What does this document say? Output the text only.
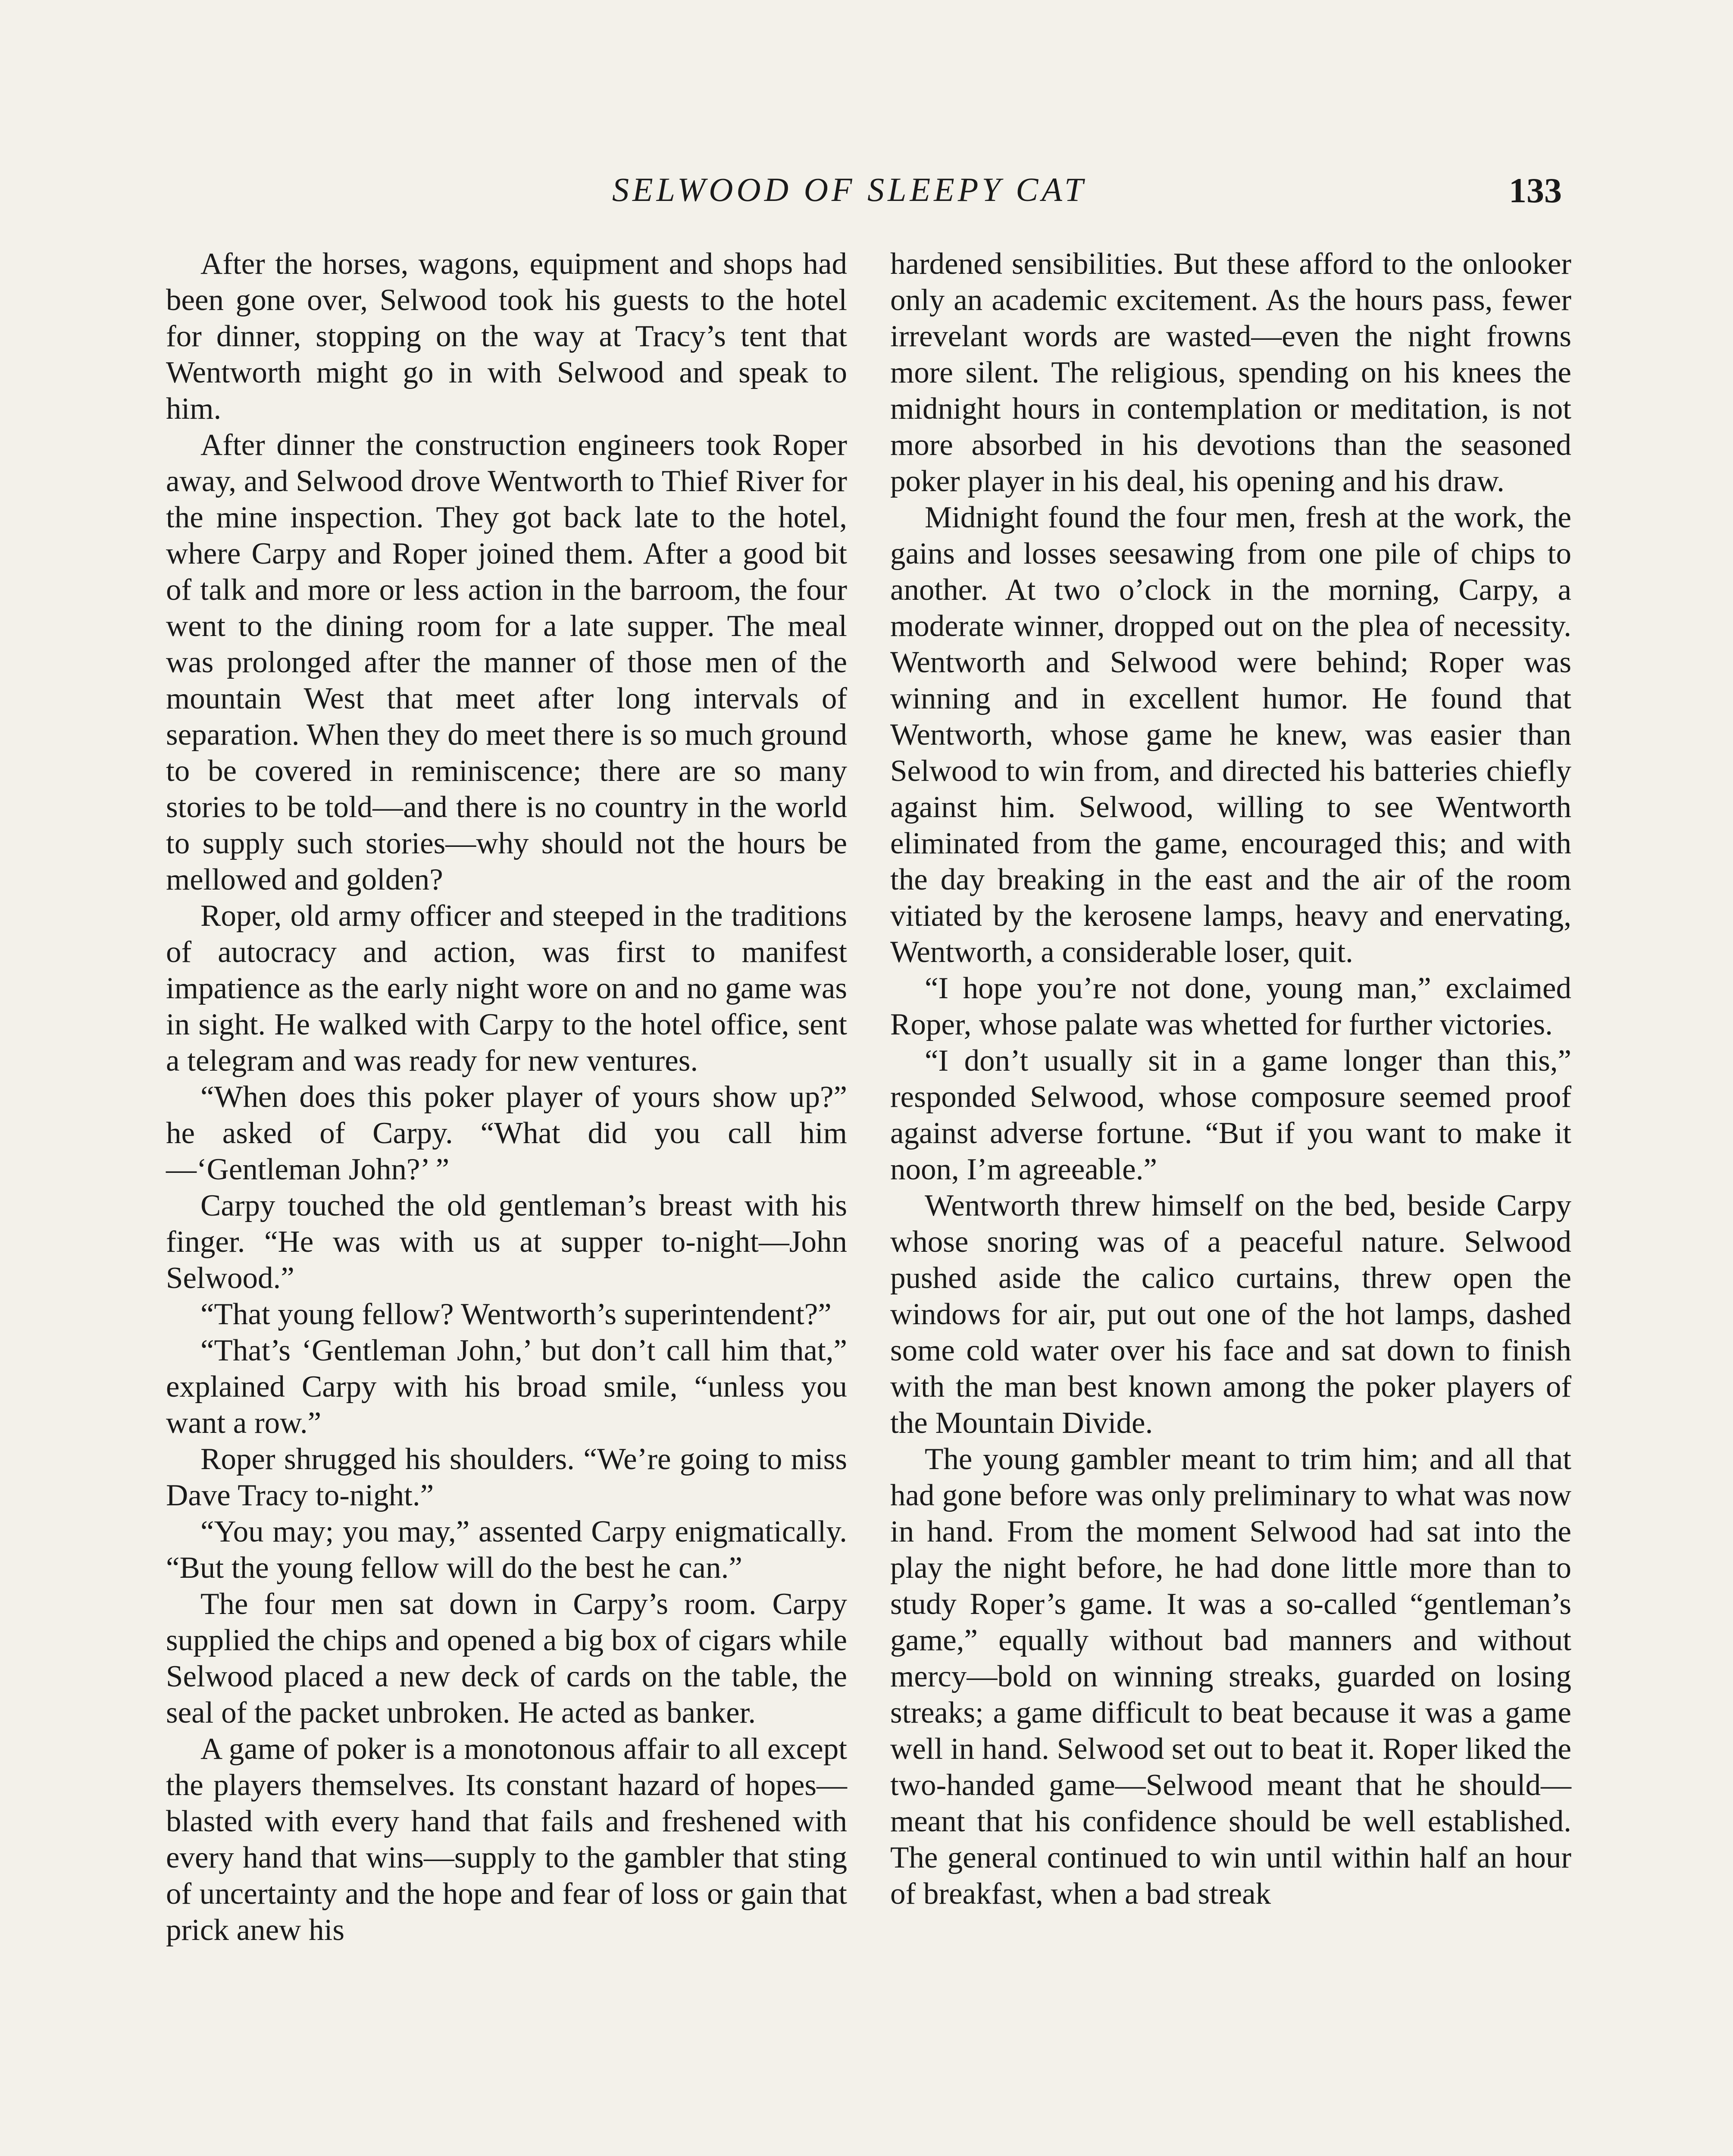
SELWOOD OF SLEEPY CAT	133

After the horses, wagons, equipment and shops had been gone over, Selwood took his guests to the hotel for dinner, stopping on the way at Tracy’s tent that Wentworth might go in with Selwood and speak to him.

After dinner the construction engineers took Roper away, and Selwood drove Wentworth to Thief River for the mine inspection. They got back late to the hotel, where Carpy and Roper joined them. After a good bit of talk and more or less action in the barroom, the four went to the dining room for a late supper. The meal was prolonged after the manner of those men of the mountain West that meet after long intervals of separation. When they do meet there is so much ground to be covered in reminiscence; there are so many stories to be told—and there is no country in the world to supply such stories—why should not the hours be mellowed and golden?

Roper, old army officer and steeped in the traditions of autocracy and action, was first to manifest impatience as the early night wore on and no game was in sight. He walked with Carpy to the hotel office, sent a telegram and was ready for new ventures.

“When does this poker player of yours show up?” he asked of Carpy. “What did you call him—‘Gentleman John?’ ”

Carpy touched the old gentleman’s breast with his finger. “He was with us at supper to-night—John Selwood.”

“That young fellow? Wentworth’s superintendent?”

“That’s ‘Gentleman John,’ but don’t call him that,” explained Carpy with his broad smile, “unless you want a row.”

Roper shrugged his shoulders. “We’re going to miss Dave Tracy to-night.”

“You may; you may,” assented Carpy enigmatically. “But the young fellow will do the best he can.”

The four men sat down in Carpy’s room. Carpy supplied the chips and opened a big box of cigars while Selwood placed a new deck of cards on the table, the seal of the packet unbroken. He acted as banker.

A game of poker is a monotonous affair to all except the players themselves. Its constant hazard of hopes—blasted with every hand that fails and freshened with every hand that wins—supply to the gambler that sting of uncertainty and the hope and fear of loss or gain that prick anew his

hardened sensibilities. But these afford to the onlooker only an academic excitement. As the hours pass, fewer irrevelant words are wasted—even the night frowns more silent. The religious, spending on his knees the midnight hours in contemplation or meditation, is not more absorbed in his devotions than the seasoned poker player in his deal, his opening and his draw.

Midnight found the four men, fresh at the work, the gains and losses seesawing from one pile of chips to another. At two o’clock in the morning, Carpy, a moderate winner, dropped out on the plea of necessity. Wentworth and Selwood were behind; Roper was winning and in excellent humor. He found that Wentworth, whose game he knew, was easier than Selwood to win from, and directed his batteries chiefly against him. Selwood, willing to see Wentworth eliminated from the game, encouraged this; and with the day breaking in the east and the air of the room vitiated by the kerosene lamps, heavy and enervating, Wentworth, a considerable loser, quit.

“I hope you’re not done, young man,” exclaimed Roper, whose palate was whetted for further victories.

“I don’t usually sit in a game longer than this,” responded Selwood, whose composure seemed proof against adverse fortune. “But if you want to make it noon, I’m agreeable.”

Wentworth threw himself on the bed, beside Carpy whose snoring was of a peaceful nature. Selwood pushed aside the calico curtains, threw open the windows for air, put out one of the hot lamps, dashed some cold water over his face and sat down to finish with the man best known among the poker players of the Mountain Divide.

The young gambler meant to trim him; and all that had gone before was only preliminary to what was now in hand. From the moment Selwood had sat into the play the night before, he had done little more than to study Roper’s game. It was a so-called “gentleman’s game,” equally without bad manners and without mercy—bold on winning streaks, guarded on losing streaks; a game difficult to beat because it was a game well in hand. Selwood set out to beat it. Roper liked the two-handed game—Selwood meant that he should—meant that his confidence should be well established. The general continued to win until within half an hour of breakfast, when a bad streak
